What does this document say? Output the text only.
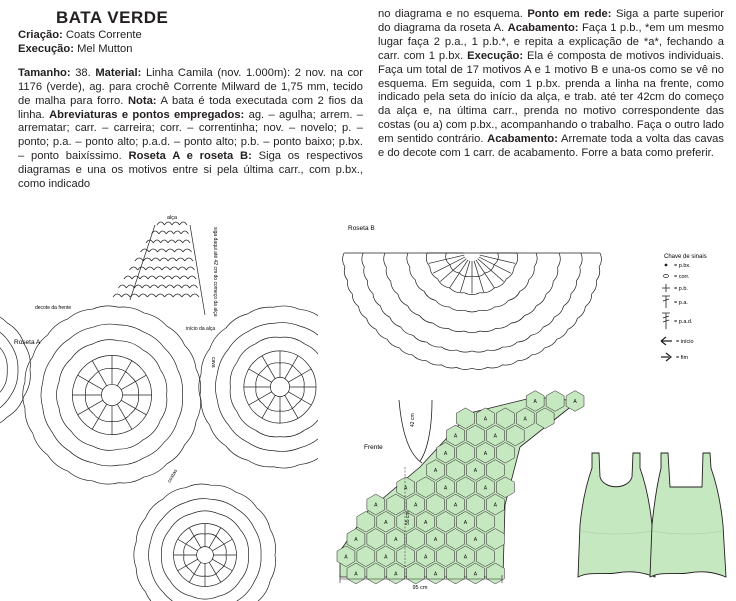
BATA VERDE

Criação: Coats Corrente

Execução: Mel Mutton

Tamanho: 38. Material: Linha Camila (nov. 1.000m): 2 nov. na cor 1176 (verde), ag. para crochê Corrente Milward de 1,75 mm, tecido de malha para forro. Nota: A bata é toda executada com 2 fios da linha. Abreviaturas e pontos empregados: ag. – agulha; arrem. – arrematar; carr. – carreira; corr. – correntinha; nov. – novelo; p. – ponto; p.a. – ponto alto; p.a.d. – ponto alto; p.b. – ponto baixo; p.bx. – ponto baixíssimo. Roseta A e roseta B: Siga os respectivos diagramas e una os motivos entre si pela última carr., com p.bx., como indicado

no diagrama e no esquema. Ponto em rede: Siga a parte superior do diagrama da roseta A. Acabamento: Faça 1 p.b., *em um mesmo lugar faça 2 p.a., 1 p.b.*, e repita a explicação de *a*, fechando a carr. com 1 p.bx. Execução: Ela é composta de motivos individuais. Faça um total de 17 motivos A e 1 motivo B e una-os como se vê no esquema. Em seguida, com 1 p.bx. prenda a linha na frente, como indicado pela seta do início da alça, e trab. até ter 42cm do começo da alça e, na última carr., prenda no motivo correspondente das costas (ou a) com p.bx., acompanhando o trabalho. Faça o outro lado em sentido contrário. Acabamento: Arremate toda a volta das cavas e do decote com 1 carr. de acabamento. Forre a bata como preferir.

alça
siga daqui até 42 cm do começo da alça
decote da frente
Roseta A
início da alça
cava
costas
Roseta B
Chave de sinais
= p.bx.
= corr.
= p.b.
= p.a.
= p.a.d.
= início
= fim
Frente
42 cm
A	A
A	A
A	A
A	A
A	A
A	A	A
A	A	A	A
A	A	A
A	A	A	A
A	A	A	A
A	A	A	A
55 cm
95 cm
